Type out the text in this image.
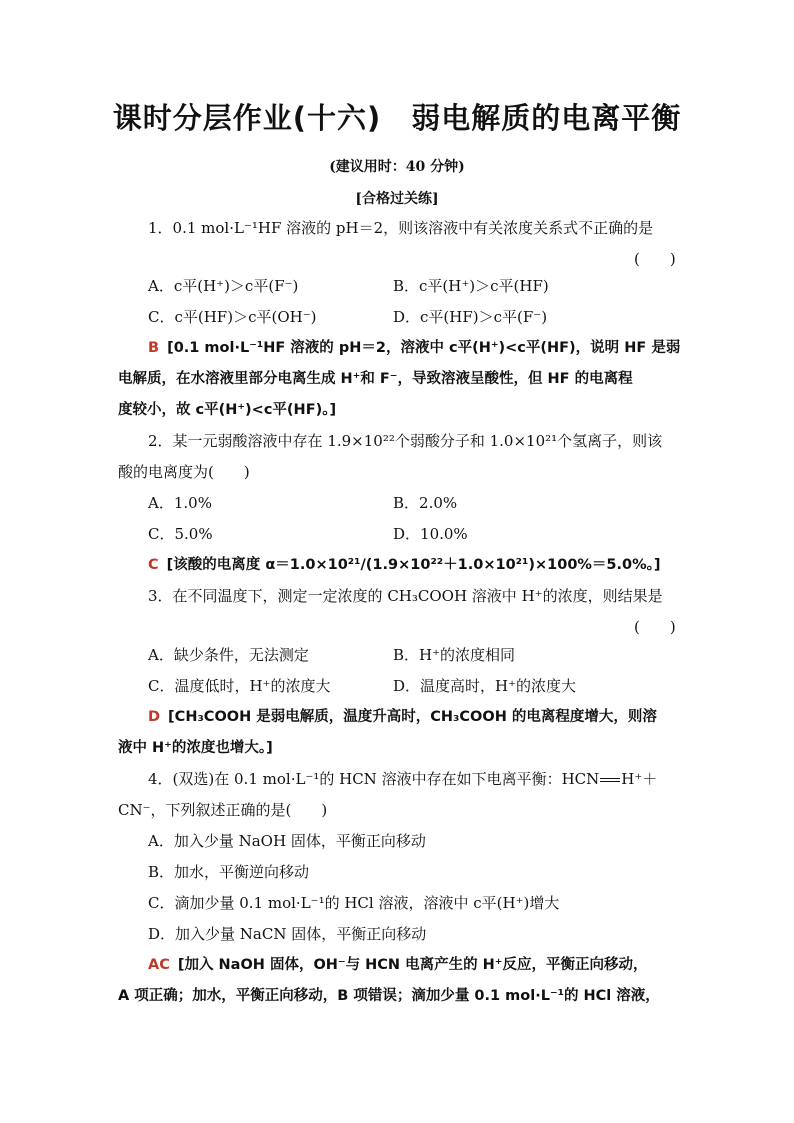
课时分层作业(十六)　弱电解质的电离平衡
(建议用时：40 分钟)
[合格过关练]
1．0.1 mol·L⁻¹HF 溶液的 pH＝2，则该溶液中有关浓度关系式不正确的是
(　　)
A．c平(H⁺)＞c平(F⁻)	B．c平(H⁺)＞c平(HF)
C．c平(HF)＞c平(OH⁻)	D．c平(HF)＞c平(F⁻)
B [0.1 mol·L⁻¹HF 溶液的 pH＝2，溶液中 c平(H⁺)<c平(HF)，说明 HF 是弱
电解质，在水溶液里部分电离生成 H⁺和 F⁻，导致溶液呈酸性，但 HF 的电离程
度较小，故 c平(H⁺)<c平(HF)。]
2．某一元弱酸溶液中存在 1.9×10²²个弱酸分子和 1.0×10²¹个氢离子，则该
酸的电离度为(　　)
A．1.0%	B．2.0%
C．5.0%	D．10.0%
C [该酸的电离度 α＝1.0×10²¹/(1.9×10²²＋1.0×10²¹)×100%＝5.0%。]
3．在不同温度下，测定一定浓度的 CH₃COOH 溶液中 H⁺的浓度，则结果是
(　　)
A．缺少条件，无法测定	B．H⁺的浓度相同
C．温度低时，H⁺的浓度大	D．温度高时，H⁺的浓度大
D [CH₃COOH 是弱电解质，温度升高时，CH₃COOH 的电离程度增大，则溶
液中 H⁺的浓度也增大。]
4．(双选)在 0.1 mol·L⁻¹的 HCN 溶液中存在如下电离平衡：HCN H⁺＋
CN⁻，下列叙述正确的是(　　)
A．加入少量 NaOH 固体，平衡正向移动
B．加水，平衡逆向移动
C．滴加少量 0.1 mol·L⁻¹的 HCl 溶液，溶液中 c平(H⁺)增大
D．加入少量 NaCN 固体，平衡正向移动
AC [加入 NaOH 固体，OH⁻与 HCN 电离产生的 H⁺反应，平衡正向移动，
A 项正确；加水，平衡正向移动，B 项错误；滴加少量 0.1 mol·L⁻¹的 HCl 溶液，
